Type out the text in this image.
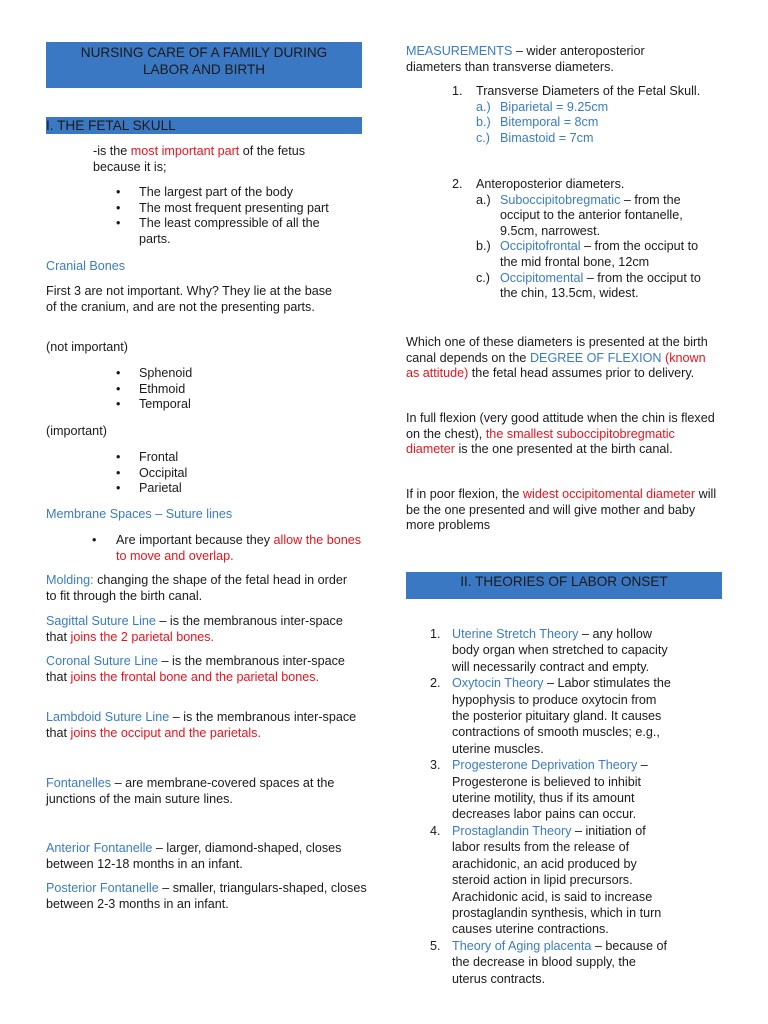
NURSING CARE OF A FAMILY DURING
LABOR AND BIRTH
I. THE FETAL SKULL
-is the most important part of the fetus
because it is;
• The largest part of the body
• The most frequent presenting part
• The least compressible of all the parts.

Cranial Bones

First 3 are not important. Why? They lie at the base of the cranium, and are not the presenting parts.

(not important)

• Sphenoid
• Ethmoid
• Temporal

(important)

• Frontal
• Occipital
• Parietal

Membrane Spaces – Suture lines

•	Are important because they allow the bones to move and overlap.

Molding: changing the shape of the fetal head in order to fit through the birth canal.

Sagittal Suture Line – is the membranous inter-space that joins the 2 parietal bones.

Coronal Suture Line – is the membranous inter-space that joins the frontal bone and the parietal bones.

Lambdoid Suture Line – is the membranous inter-space that joins the occiput and the parietals.

Fontanelles – are membrane-covered spaces at the junctions of the main suture lines.

Anterior Fontanelle – larger, diamond-shaped, closes between 12-18 months in an infant.

Posterior Fontanelle – smaller, triangulars-shaped, closes between 2-3 months in an infant.

MEASUREMENTS – wider anteroposterior diameters than transverse diameters.

1. Transverse Diameters of the Fetal Skull.
a.) Biparietal = 9.25cm
b.) Bitemporal = 8cm
c.) Bimastoid = 7cm
2. Anteroposterior diameters.
a.) Suboccipitobregmatic – from the occiput to the anterior fontanelle, 9.5cm, narrowest.
b.) Occipitofrontal – from the occiput to the mid frontal bone, 12cm
c.) Occipitomental – from the occiput to the chin, 13.5cm, widest.

Which one of these diameters is presented at the birth canal depends on the DEGREE OF FLEXION (known as attitude) the fetal head assumes prior to delivery.

In full flexion (very good attitude when the chin is flexed on the chest), the smallest suboccipitobregmatic diameter is the one presented at the birth canal.

If in poor flexion, the widest occipitomental diameter will be the one presented and will give mother and baby more problems

II. THEORIES OF LABOR ONSET
1. Uterine Stretch Theory – any hollow body organ when stretched to capacity will necessarily contract and empty.
2. Oxytocin Theory – Labor stimulates the hypophysis to produce oxytocin from the posterior pituitary gland. It causes contractions of smooth muscles; e.g., uterine muscles.
3. Progesterone Deprivation Theory – Progesterone is believed to inhibit uterine motility, thus if its amount decreases labor pains can occur.
4. Prostaglandin Theory – initiation of labor results from the release of arachidonic, an acid produced by steroid action in lipid precursors. Arachidonic acid, is said to increase prostaglandin synthesis, which in turn causes uterine contractions.
5. Theory of Aging placenta – because of the decrease in blood supply, the uterus contracts.
